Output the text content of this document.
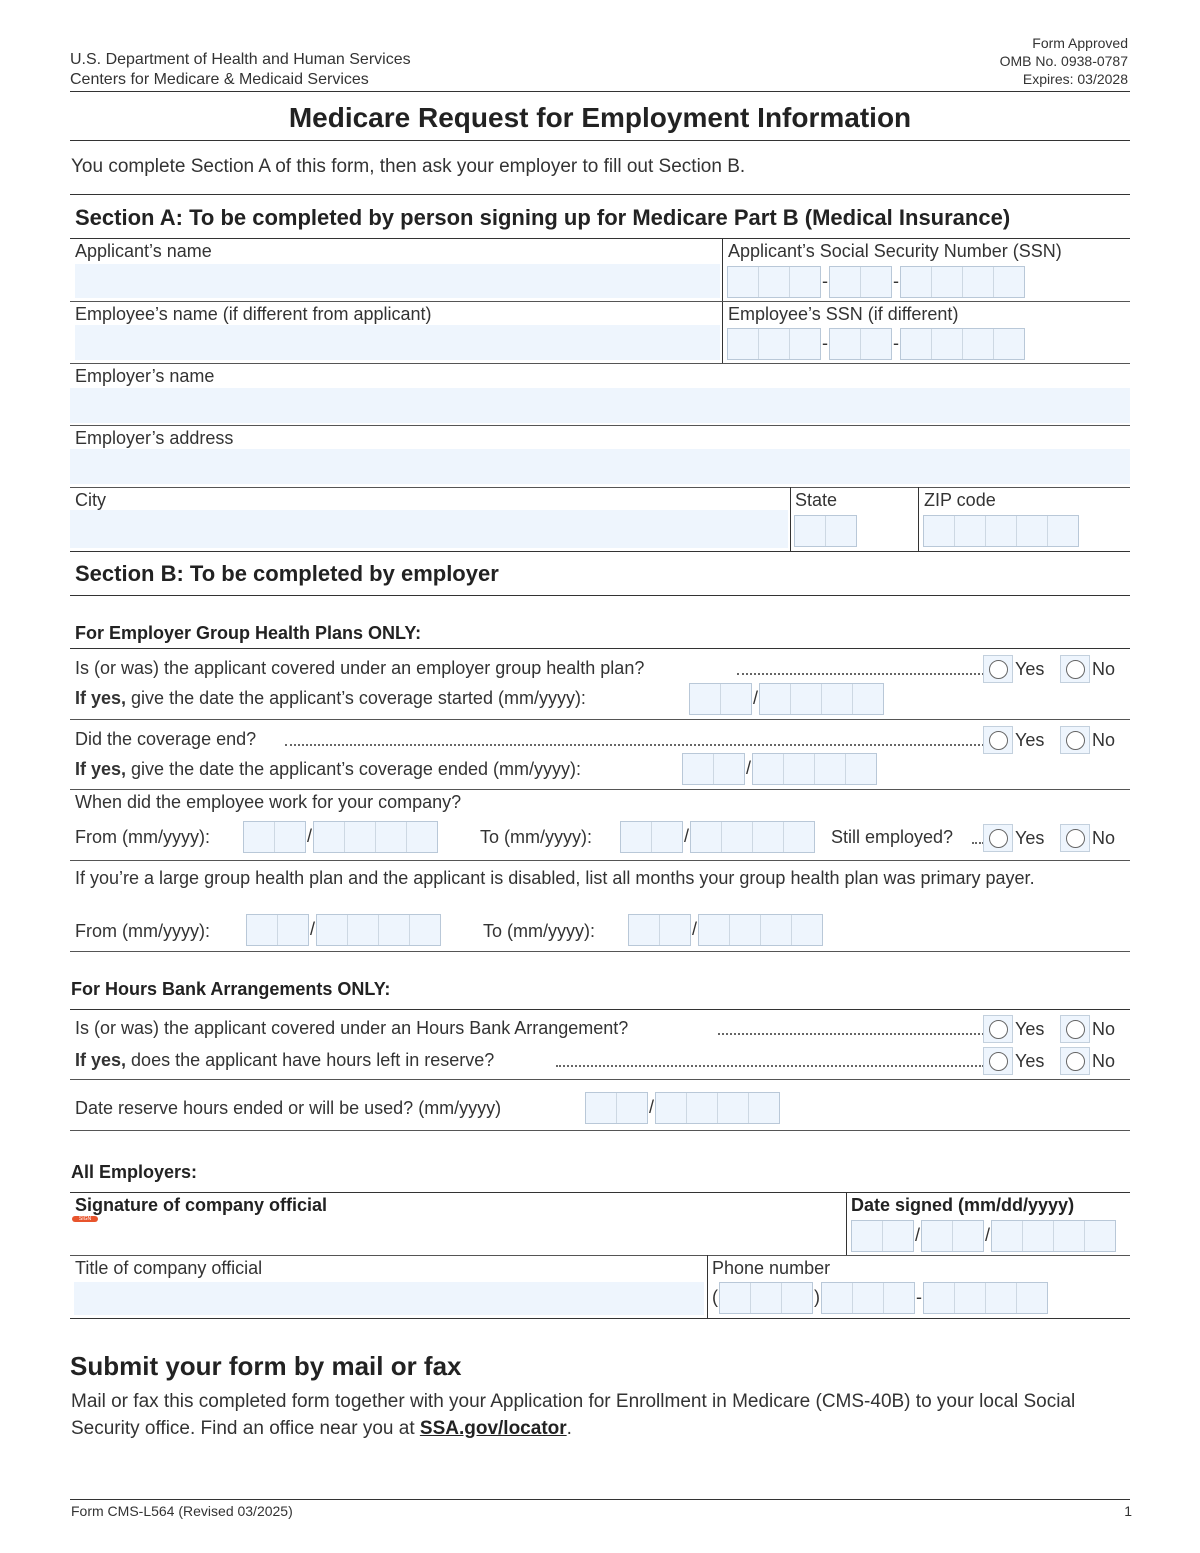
U.S. Department of Health and Human Services
Centers for Medicare & Medicaid Services
Form Approved
OMB No. 0938-0787
Expires: 03/2028
Medicare Request for Employment Information
You complete Section A of this form, then ask your employer to fill out Section B.
Section A: To be completed by person signing up for Medicare Part B (Medical Insurance)
Applicant’s name	Applicant’s Social Security Number (SSN)
-	-
Employee’s name (if different from applicant)	Employee’s SSN (if different)
-	-
Employer’s name
Employer’s address
City	State	ZIP code
Section B: To be completed by employer
For Employer Group Health Plans ONLY:
Is (or was) the applicant covered under an employer group health plan?	Yes	No
If yes,
give the date the applicant’s coverage started (mm/yyyy):	/
Did the coverage end?	Yes	No
If yes,
give the date the applicant’s coverage ended (mm/yyyy):	/
When did the employee work for your company?
From (mm/yyyy):	/	To (mm/yyyy):	/	Still employed?	Yes	No
If you’re a large group health plan and the applicant is disabled, list all months your group health plan was primary payer.
From (mm/yyyy):	/	To (mm/yyyy):	/
For Hours Bank Arrangements ONLY:
Is (or was) the applicant covered under an Hours Bank Arrangement?	Yes	No
If yes,
does the applicant have hours left in reserve?	Yes	No
Date reserve hours ended or will be used? (mm/yyyy)	/
All Employers:
Signature of company official
SIGN
Date signed (mm/dd/yyyy)
/	/
Title of company official	Phone number
(	)	-
Submit your form by mail or fax
Mail or fax this completed form together with your Application for Enrollment in Medicare (CMS-40B) to your local Social Security office. Find an office near you at SSA.gov/locator.
Form CMS-L564 (Revised 03/2025)	1
